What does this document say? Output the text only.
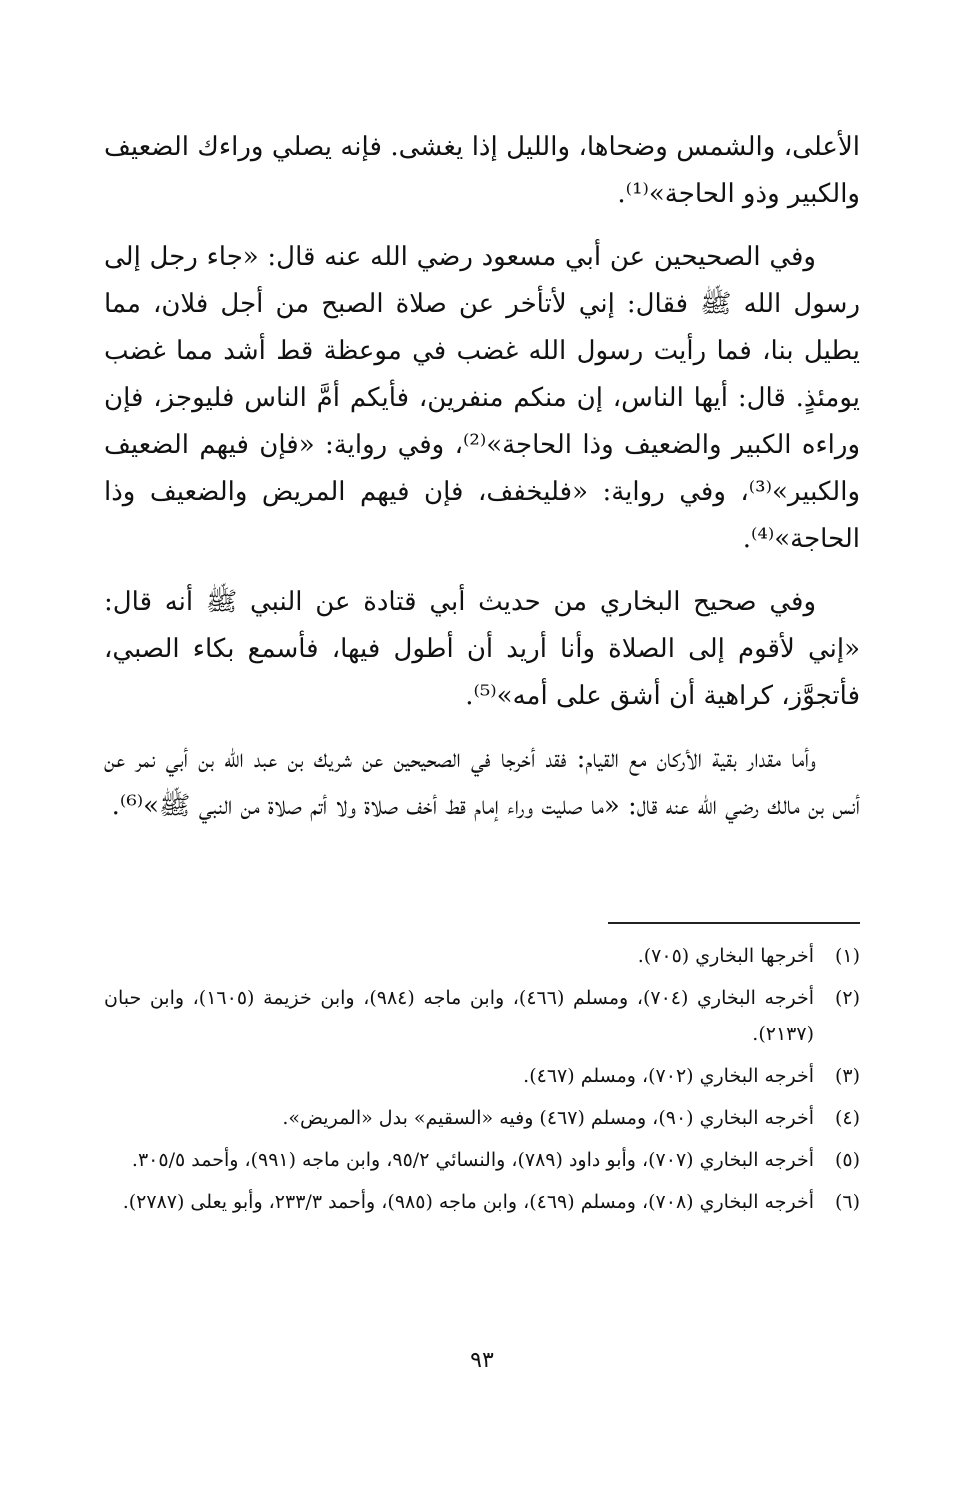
الأعلى، والشمس وضحاها، والليل إذا يغشى. فإنه يصلي وراءك الضعيف والكبير وذو الحاجة»⁽¹⁾.

وفي الصحيحين عن أبي مسعود رضي الله عنه قال: «جاء رجل إلى رسول الله ﷺ فقال: إني لأتأخر عن صلاة الصبح من أجل فلان، مما يطيل بنا، فما رأيت رسول الله غضب في موعظة قط أشد مما غضب يومئذٍ. قال: أيها الناس، إن منكم منفرين، فأيكم أمَّ الناس فليوجز، فإن وراءه الكبير والضعيف وذا الحاجة»⁽²⁾، وفي رواية: «فإن فيهم الضعيف والكبير»⁽³⁾، وفي رواية: «فليخفف، فإن فيهم المريض والضعيف وذا الحاجة»⁽⁴⁾.

وفي صحيح البخاري من حديث أبي قتادة عن النبي ﷺ أنه قال: «إني لأقوم إلى الصلاة وأنا أريد أن أطول فيها، فأسمع بكاء الصبي، فأتجوَّز، كراهية أن أشق على أمه»⁽⁵⁾.

وأما مقدار بقية الأركان مع القيام: فقد أخرجا في الصحيحين عن شريك بن عبد الله بن أبي نمر عن أنس بن مالك رضي الله عنه قال: «ما صليت وراء إمام قط أخف صلاة ولا أتم صلاة من النبي ﷺ»⁽⁶⁾.

(١)
أخرجها البخاري (٧٠٥).
(٢)
أخرجه البخاري (٧٠٤)، ومسلم (٤٦٦)، وابن ماجه (٩٨٤)، وابن خزيمة (١٦٠٥)، وابن حبان (٢١٣٧).
(٣)
أخرجه البخاري (٧٠٢)، ومسلم (٤٦٧).
(٤)
أخرجه البخاري (٩٠)، ومسلم (٤٦٧) وفيه «السقيم» بدل «المريض».
(٥)
أخرجه البخاري (٧٠٧)، وأبو داود (٧٨٩)، والنسائي ٩٥/٢، وابن ماجه (٩٩١)، وأحمد ٣٠٥/٥.
(٦)
أخرجه البخاري (٧٠٨)، ومسلم (٤٦٩)، وابن ماجه (٩٨٥)، وأحمد ٢٣٣/٣، وأبو يعلى (٢٧٨٧).
٩٣
